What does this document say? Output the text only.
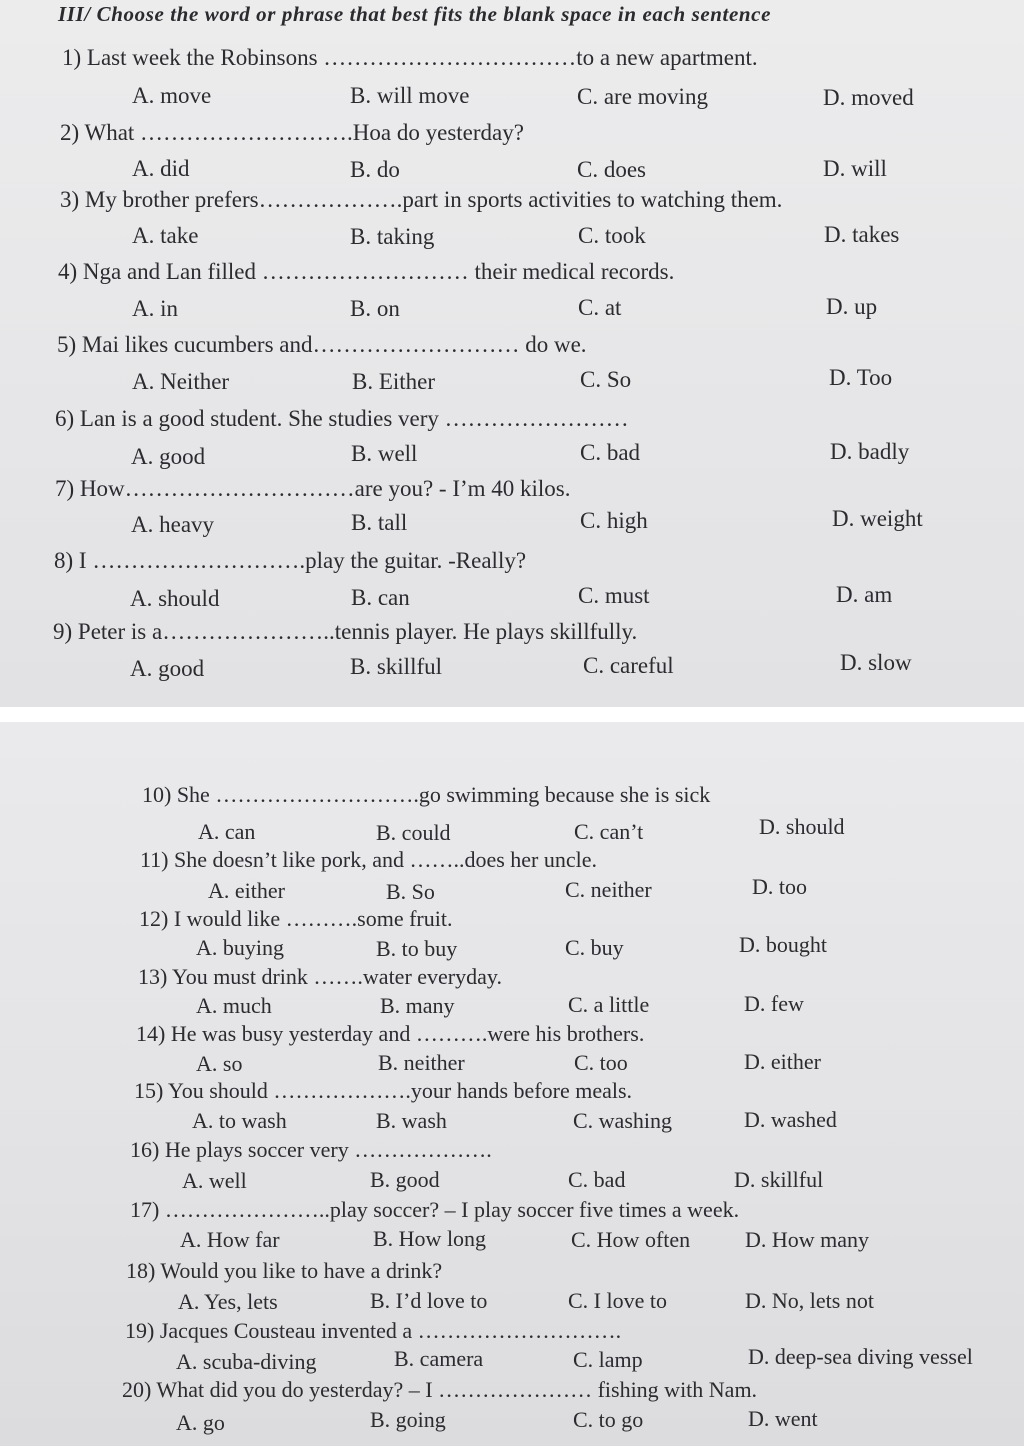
III/ Choose the word or phrase that best fits the blank space in each sentence
1) Last week the Robinsons ……………………………to a new apartment.
A. move	B. will move	C. are moving	D. moved
2) What ……………………….Hoa do yesterday?
A. did	B. do	C. does	D. will
3) My brother prefers……………….part in sports activities to watching them.
A. take	B. taking	C. took	D. takes
4) Nga and Lan filled ……………………… their medical records.
A. in	B. on	C. at	D. up
5) Mai likes cucumbers and……………………… do we.
A. Neither	B. Either	C. So	D. Too
6) Lan is a good student. She studies very ……………………
A. good	B. well	C. bad	D. badly
7) How…………………………are you? - I’m 40 kilos.
A. heavy	B. tall	C. high	D. weight
8) I ……………………….play the guitar. -Really?
A. should	B. can	C. must	D. am
9) Peter is a…………………..tennis player. He plays skillfully.
A. good	B. skillful	C. careful	D. slow
10) She ……………………….go swimming because she is sick
A. can	B. could	C. can’t	D. should
11) She doesn’t like pork, and ……..does her uncle.
A. either	B. So	C. neither	D. too
12) I would like ……….some fruit.
A. buying	B. to buy	C. buy	D. bought
13) You must drink …….water everyday.
A. much	B. many	C. a little	D. few
14) He was busy yesterday and ……….were his brothers.
A. so	B. neither	C. too	D. either
15) You should ……………….your hands before meals.
A. to wash	B. wash	C. washing	D. washed
16) He plays soccer very ……………….
A. well	B. good	C. bad	D. skillful
17) …………………..play soccer? – I play soccer five times a week.
A. How far	B. How long	C. How often D. How many
18) Would you like to have a drink?
A. Yes, lets	B. I’d love to	C. I love to	D. No, lets not
19) Jacques Cousteau invented a ……………………….
A. scuba-diving	B. camera	C. lamp	D. deep-sea diving vessel
20) What did you do yesterday? – I ………………… fishing with Nam.
A. go	B. going	C. to go	D. went
